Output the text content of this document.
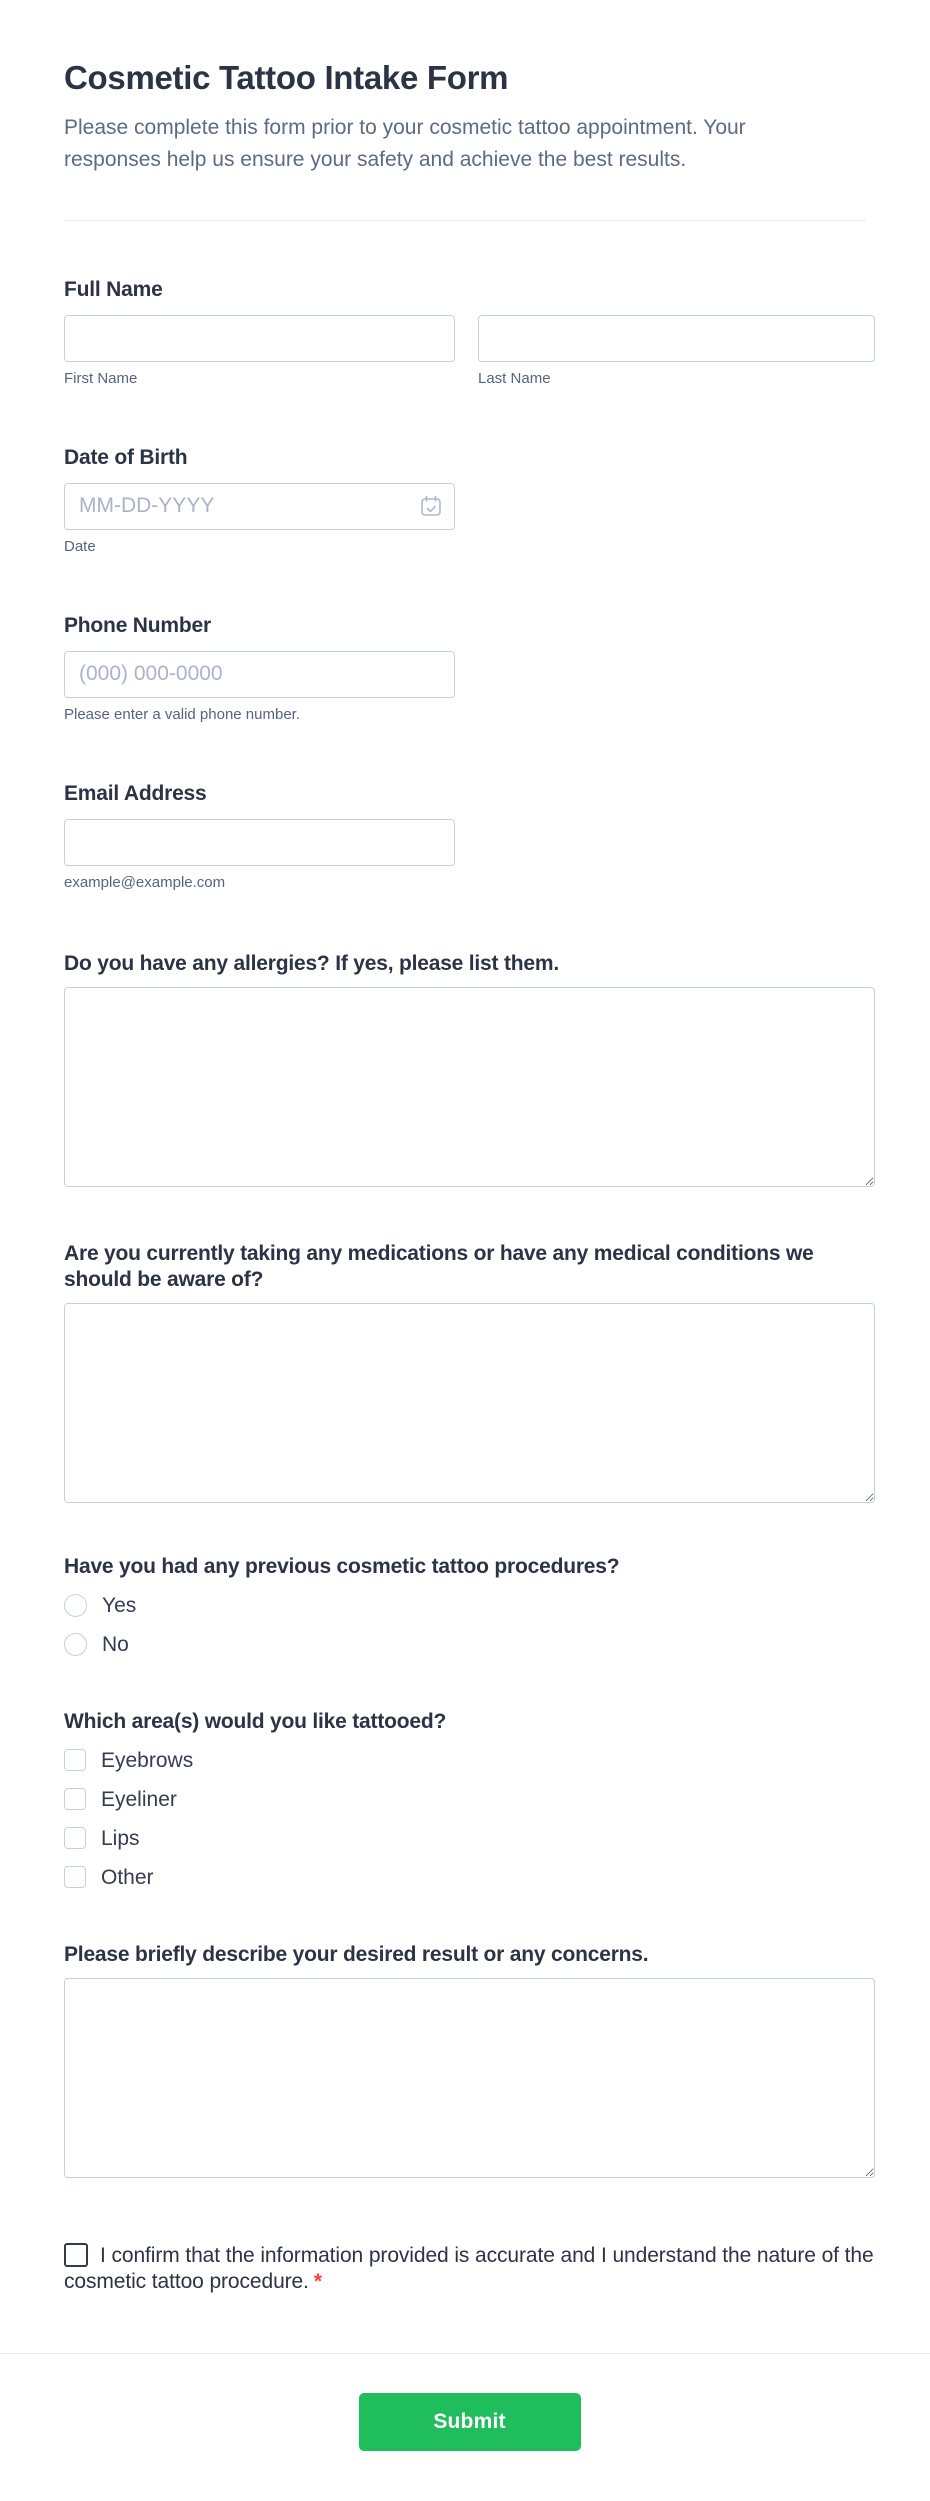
Cosmetic Tattoo Intake Form
Please complete this form prior to your cosmetic tattoo appointment. Your responses help us ensure your safety and achieve the best results.
Full Name
First Name	Last Name
Date of Birth
MM-DD-YYYY
Date
Phone Number
(000) 000-0000
Please enter a valid phone number.
Email Address
example@example.com
Do you have any allergies? If yes, please list them.
Are you currently taking any medications or have any medical conditions we should be aware of?
Have you had any previous cosmetic tattoo procedures?
Yes
No
Which area(s) would you like tattooed?
Eyebrows
Eyeliner
Lips
Other
Please briefly describe your desired result or any concerns.
I confirm that the information provided is accurate and I understand the nature of the cosmetic tattoo procedure. *
Submit
